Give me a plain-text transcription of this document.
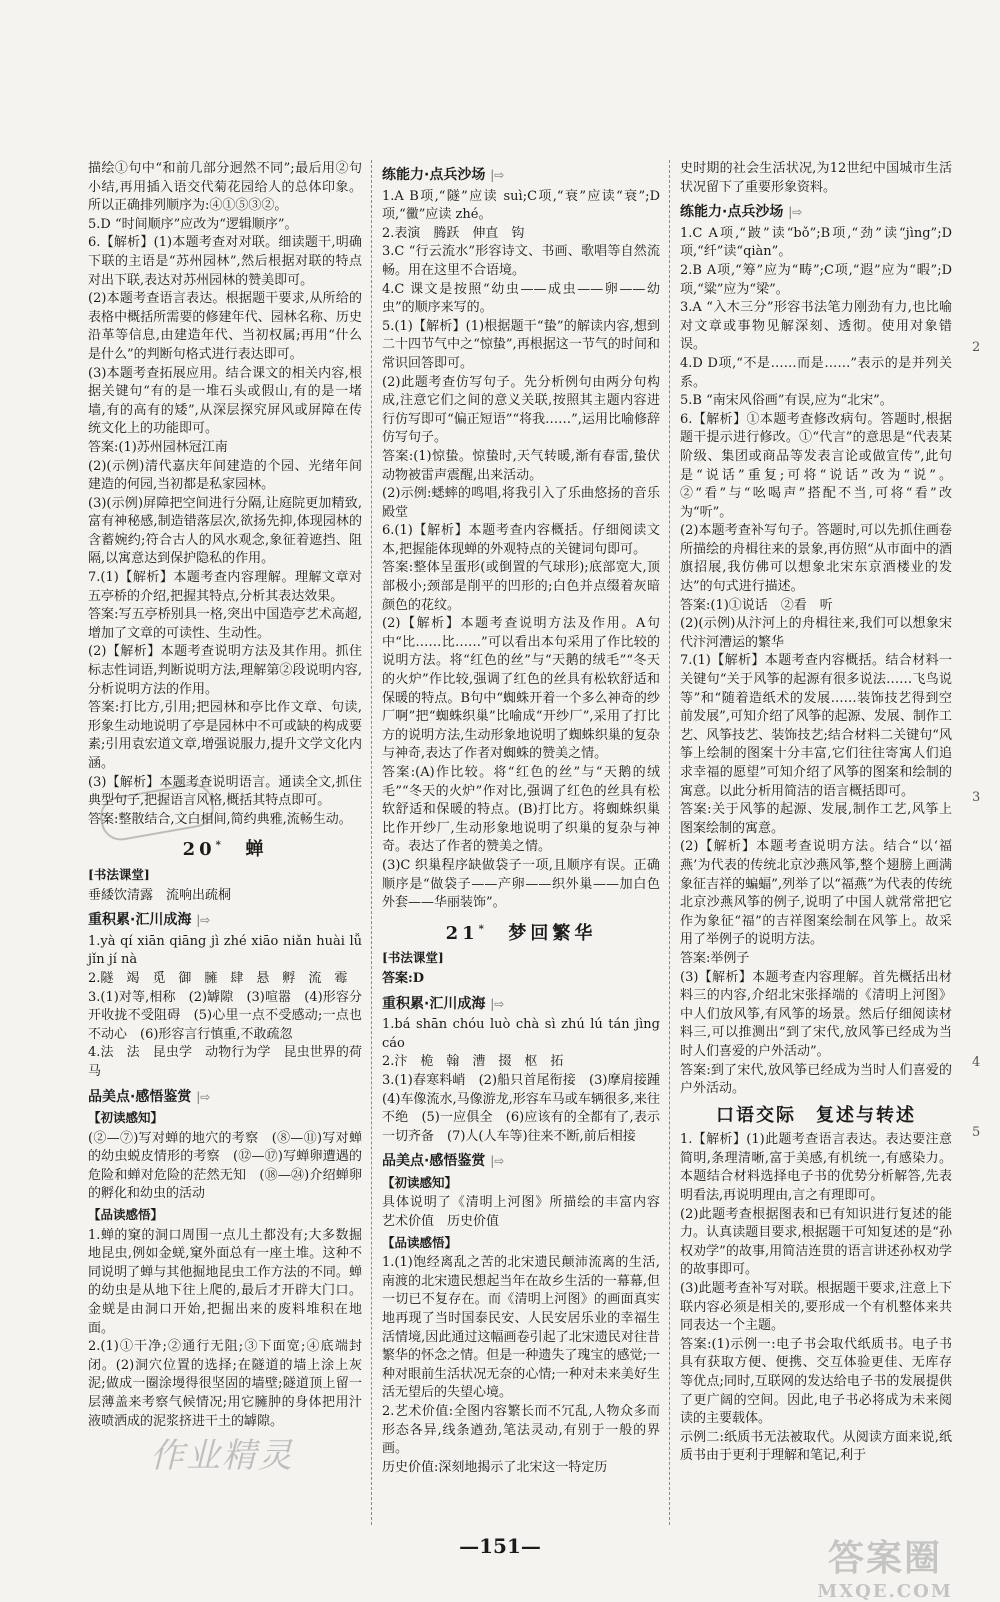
描绘①句中“和前几部分迥然不同”;最后用②句小结,再用插入语交代菊花园给人的总体印象。所以正确排列顺序为:④①⑤③②。

5.D “时间顺序”应改为“逻辑顺序”。

6.【解析】(1)本题考查对对联。细读题干,明确下联的主语是“苏州园林”,然后根据对联的特点对出下联,表达对苏州园林的赞美即可。

(2)本题考查语言表达。根据题干要求,从所给的表格中概括所需要的修建年代、园林名称、历史沿革等信息,由建造年代、当初权属;再用“什么是什么”的判断句格式进行表达即可。

(3)本题考查拓展应用。结合课文的相关内容,根据关键句“有的是一堆石头或假山,有的是一堵墙,有的高有的矮”,从深层探究屏风或屏障在传统文化上的功能即可。

答案:(1)苏州园林冠江南

(2)(示例)清代嘉庆年间建造的个园、光绪年间建造的何园,当初都是私家园林。

(3)(示例)屏障把空间进行分隔,让庭院更加精致,富有神秘感,制造错落层次,欲扬先抑,体现园林的含蓄婉约;符合古人的风水观念,象征着遮挡、阻隔,以寓意达到保护隐私的作用。

7.(1)【解析】本题考查内容理解。理解文章对五亭桥的介绍,把握其特点,分析其表达效果。

答案:写五亭桥别具一格,突出中国造亭艺术高超,增加了文章的可读性、生动性。

(2)【解析】本题考查说明方法及其作用。抓住标志性词语,判断说明方法,理解第②段说明内容,分析说明方法的作用。

答案:打比方,引用;把园林和亭比作文章、句读,形象生动地说明了亭是园林中不可或缺的构成要素;引用袁宏道文章,增强说服力,提升文学文化内涵。

(3)【解析】本题考查说明语言。通读全文,抓住典型句子,把握语言风格,概括其特点即可。

答案:整散结合,文白相间,简约典雅,流畅生动。

20* 蝉
[书法课堂]

垂緌饮清露　流响出疏桐

重积累·汇川成海 |⇨

1.yà qí xiān qiāng jì zhé xiāo niǎn huài lǚ jǐn jí nà

2.隧　竭　觅　御　臃　肆　悬　孵　流　霉

3.(1)对等,相称　(2)罅隙　(3)喧嚣　(4)形容分开收拢不受阻碍　(5)心里一点不受感动;一点也不动心　(6)形容言行慎重,不敢疏忽

4.法　法　昆虫学　动物行为学　昆虫世界的荷马

品美点·感悟鉴赏 |⇨
【初读感知】

(②—⑦)写对蝉的地穴的考察　(⑧—⑪)写对蝉的幼虫蜕皮情形的考察　(⑫—⑰)写蝉卵遭遇的危险和蝉对危险的茫然无知　(⑱—㉔)介绍蝉卵的孵化和幼虫的活动

【品读感悟】

1.蝉的窠的洞口周围一点儿土都没有;大多数掘地昆虫,例如金蜣,窠外面总有一座土堆。这种不同说明了蝉与其他掘地昆虫工作方法的不同。蝉的幼虫是从地下往上爬的,最后才开辟大门口。金蜣是由洞口开始,把掘出来的废料堆积在地面。

2.(1)①干净;②通行无阻;③下面宽;④底端封闭。(2)洞穴位置的选择;在隧道的墙上涂上灰泥;做成一圈涂墁得很坚固的墙壁;隧道顶上留一层薄盖来考察气候情况;用它臃肿的身体把用汁液喷洒成的泥浆挤进干土的罅隙。

练能力·点兵沙场 |⇨

1.A B项,“隧”应读 suì;C项,“衰”应读“衰”;D项,“黴”应读 zhé。

2.表演　腾跃　伸直　钩

3.C “行云流水”形容诗文、书画、歌唱等自然流畅。用在这里不合语境。

4.C 课文是按照“幼虫——成虫——卵——幼虫”的顺序来写的。

5.(1)【解析】(1)根据题干“蛰”的解读内容,想到二十四节气中之“惊蛰”,再根据这一节气的时间和常识回答即可。

(2)此题考查仿写句子。先分析例句由两分句构成,注意它们之间的意义关联,按照其主题内容进行仿写即可“偏正短语”“将我……”,运用比喻修辞仿写句子。

答案:(1)惊蛰。惊蛰时,天气转暖,渐有春雷,蛰伏动物被雷声震醒,出来活动。

(2)示例:蟋蟀的鸣唱,将我引入了乐曲悠扬的音乐殿堂

6.(1)【解析】本题考查内容概括。仔细阅读文本,把握能体现蝉的外观特点的关键词句即可。

答案:整体呈蛋形(或倒置的气球形);底部宽大,顶部极小;颈部是削平的凹形的;白色并点缀着灰暗颜色的花纹。

(2)【解析】本题考查说明方法及作用。A句中“比……比……”可以看出本句采用了作比较的说明方法。将“红色的丝”与“天鹅的绒毛”“冬天的火炉”作比较,强调了红色的丝具有松软舒适和保暖的特点。B句中“蜘蛛开着一个多么神奇的纱厂啊”把“蜘蛛织巢”比喻成“开纱厂”,采用了打比方的说明方法,生动形象地说明了蜘蛛织巢的复杂与神奇,表达了作者对蜘蛛的赞美之情。

答案:(A)作比较。将“红色的丝”与“天鹅的绒毛”“冬天的火炉”作对比,强调了红色的丝具有松软舒适和保暖的特点。(B)打比方。将蜘蛛织巢比作开纱厂,生动形象地说明了织巢的复杂与神奇。表达了作者的赞美之情。

(3)C 织巢程序缺做袋子一项,且顺序有误。正确顺序是“做袋子——产卵——织外巢——加白色外套——华丽装饰”。

21* 梦回繁华
[书法课堂]

答案:D

重积累·汇川成海 |⇨

1.bá shān chóu luò chà sì zhú lú tán jìng cáo

2.汴　桅　翰　漕　掇　枢　拓

3.(1)春寒料峭　(2)船只首尾衔接　(3)摩肩接踵　(4)车像流水,马像游龙,形容车马或车辆很多,来往不绝　(5)一应俱全　(6)应该有的全都有了,表示一切齐备　(7)人(人车等)往来不断,前后相接

品美点·感悟鉴赏 |⇨
【初读感知】

具体说明了《清明上河图》所描绘的丰富内容　艺术价值　历史价值

【品读感悟】

1.(1)饱经离乱之苦的北宋遗民颠沛流离的生活,南渡的北宋遗民想起当年在故乡生活的一幕幕,但一切已不复存在。而《清明上河图》的画面真实地再现了当时国泰民安、人民安居乐业的幸福生活情境,因此通过这幅画卷引起了北宋遗民对往昔繁华的怀念之情。但是一种遗失了瑰宝的感觉;一种对眼前生活状况无奈的心情;一种对未来美好生活无望后的失望心境。

2.艺术价值:全图内容繁长而不冗乱,人物众多而形态各异,线条遒劲,笔法灵动,有别于一般的界画。

历史价值:深刻地揭示了北宋这一特定历

史时期的社会生活状况,为12世纪中国城市生活状况留下了重要形象资料。

练能力·点兵沙场 |⇨

1.C A项,“跛”读“bǒ”;B项,“劲”读“jìng”;D项,“纤”读“qiàn”。

2.B A项,“筹”应为“畴”;C项,“遐”应为“暇”;D项,“粱”应为“梁”。

3.A “入木三分”形容书法笔力刚劲有力,也比喻对文章或事物见解深刻、透彻。使用对象错误。

4.D D项,“不是……而是……”表示的是并列关系。

5.B “南宋风俗画”有误,应为“北宋”。

6.【解析】①本题考查修改病句。答题时,根据题干提示进行修改。①“代言”的意思是“代表某阶级、集团或商品等发表言论或做宣传”,此句是“说话”重复;可将“说话”改为“说”。②“看”与“吆喝声”搭配不当,可将“看”改为“听”。

(2)本题考查补写句子。答题时,可以先抓住画卷所描绘的舟楫往来的景象,再仿照“从市面中的酒旗招展,我仿佛可以想象北宋东京酒楼业的发达”的句式进行描述。

答案:(1)①说话　②看　听

(2)(示例)从汴河上的舟楫往来,我们可以想象宋代汴河漕运的繁华

7.(1)【解析】本题考查内容概括。结合材料一关键句“关于风筝的起源有很多说法……飞鸟说等”和“随着造纸术的发展……装饰技艺得到空前发展”,可知介绍了风筝的起源、发展、制作工艺、风筝技艺、装饰技艺;结合材料二关键句“风筝上绘制的图案十分丰富,它们往往寄寓人们追求幸福的愿望”可知介绍了风筝的图案和绘制的寓意。以此分析用简洁的语言概括即可。

答案:关于风筝的起源、发展,制作工艺,风筝上图案绘制的寓意。

(2)【解析】本题考查说明方法。结合“以‘福燕’为代表的传统北京沙燕风筝,整个翅膀上画满象征吉祥的蝙蝠”,列举了以“福燕”为代表的传统北京沙燕风筝的例子,说明了中国人就常常把它作为象征“福”的吉祥图案绘制在风筝上。故采用了举例子的说明方法。

答案:举例子

(3)【解析】本题考查内容理解。首先概括出材料三的内容,介绍北宋张择端的《清明上河图》中人们放风筝,有风筝的场景。然后仔细阅读材料三,可以推测出“到了宋代,放风筝已经成为当时人们喜爱的户外活动”。

答案:到了宋代,放风筝已经成为当时人们喜爱的户外活动。

口语交际　复述与转述

1.【解析】(1)此题考查语言表达。表达要注意简明,条理清晰,富于美感,有机统一,有感染力。本题结合材料选择电子书的优势分析解答,先表明看法,再说明理由,言之有理即可。

(2)此题考查根据图表和已有知识进行复述的能力。认真读题目要求,根据题干可知复述的是“孙权劝学”的故事,用简洁连贯的语言讲述孙权劝学的故事即可。

(3)此题考查补写对联。根据题干要求,注意上下联内容必须是相关的,要形成一个有机整体来共同表达一个主题。

答案:(1)示例一:电子书会取代纸质书。电子书具有获取方便、便携、交互体验更佳、无库存等优点;同时,互联网的发达给电子书的发展提供了更广阔的空间。因此,电子书必将成为未来阅读的主要载体。

示例二:纸质书无法被取代。从阅读方面来说,纸质书由于更利于理解和笔记,利于

—151—
作业精灵
答案圈
MXQE.COM
2
3
4
5
